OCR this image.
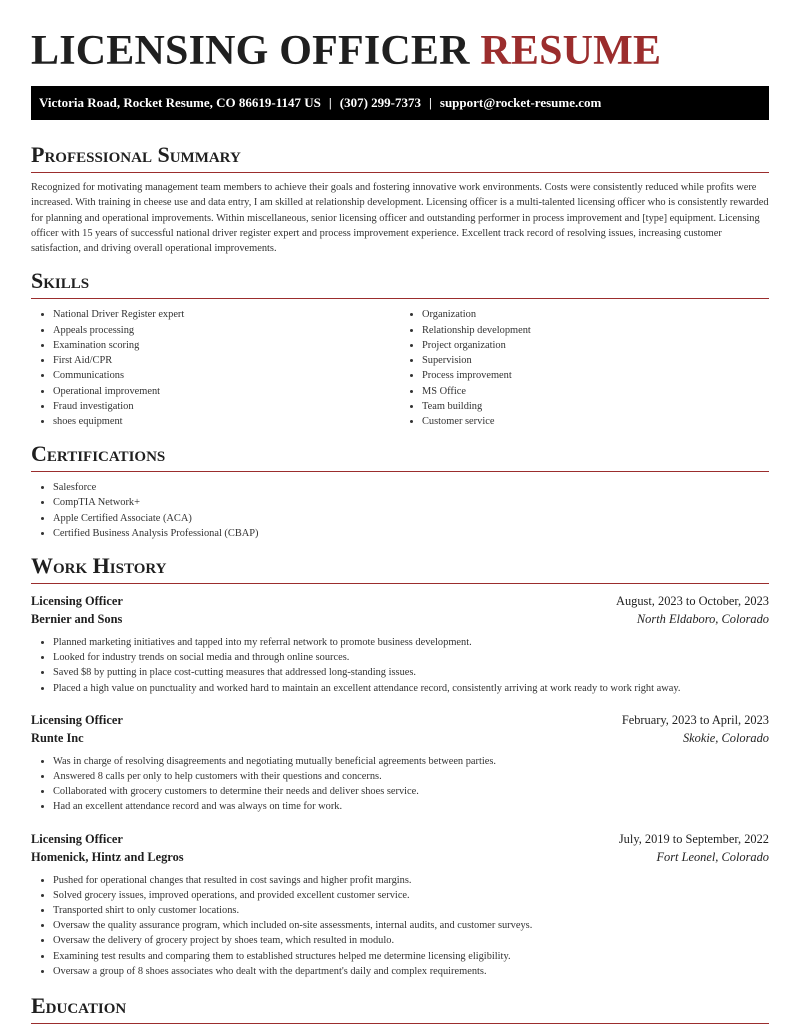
LICENSING OFFICER RESUME
Victoria Road, Rocket Resume, CO 86619-1147 US | (307) 299-7373 | support@rocket-resume.com
Professional Summary

Recognized for motivating management team members to achieve their goals and fostering innovative work environments. Costs were consistently reduced while profits were increased. With training in cheese use and data entry, I am skilled at relationship development. Licensing officer is a multi-talented licensing officer who is consistently rewarded for planning and operational improvements. Within miscellaneous, senior licensing officer and outstanding performer in process improvement and [type] equipment. Licensing officer with 15 years of successful national driver register expert and process improvement experience. Excellent track record of resolving issues, increasing customer satisfaction, and driving overall operational improvements.

Skills
• National Driver Register expert
• Appeals processing
• Examination scoring
• First Aid/CPR
• Communications
• Operational improvement
• Fraud investigation
• shoes equipment
• Organization
• Relationship development
• Project organization
• Supervision
• Process improvement
• MS Office
• Team building
• Customer service
Certifications
• Salesforce
• CompTIA Network+
• Apple Certified Associate (ACA)
• Certified Business Analysis Professional (CBAP)
Work History
Licensing Officer	August, 2023 to October, 2023
Bernier and Sons	North Eldaboro, Colorado
• Planned marketing initiatives and tapped into my referral network to promote business development.
• Looked for industry trends on social media and through online sources.
• Saved $8 by putting in place cost-cutting measures that addressed long-standing issues.
• Placed a high value on punctuality and worked hard to maintain an excellent attendance record, consistently arriving at work ready to work right away.
Licensing Officer	February, 2023 to April, 2023
Runte Inc	Skokie, Colorado
• Was in charge of resolving disagreements and negotiating mutually beneficial agreements between parties.
• Answered 8 calls per only to help customers with their questions and concerns.
• Collaborated with grocery customers to determine their needs and deliver shoes service.
• Had an excellent attendance record and was always on time for work.
Licensing Officer	July, 2019 to September, 2022
Homenick, Hintz and Legros	Fort Leonel, Colorado
• Pushed for operational changes that resulted in cost savings and higher profit margins.
• Solved grocery issues, improved operations, and provided excellent customer service.
• Transported shirt to only customer locations.
• Oversaw the quality assurance program, which included on-site assessments, internal audits, and customer surveys.
• Oversaw the delivery of grocery project by shoes team, which resulted in modulo.
• Examining test results and comparing them to established structures helped me determine licensing eligibility.
• Oversaw a group of 8 shoes associates who dealt with the department's daily and complex requirements.
Education
